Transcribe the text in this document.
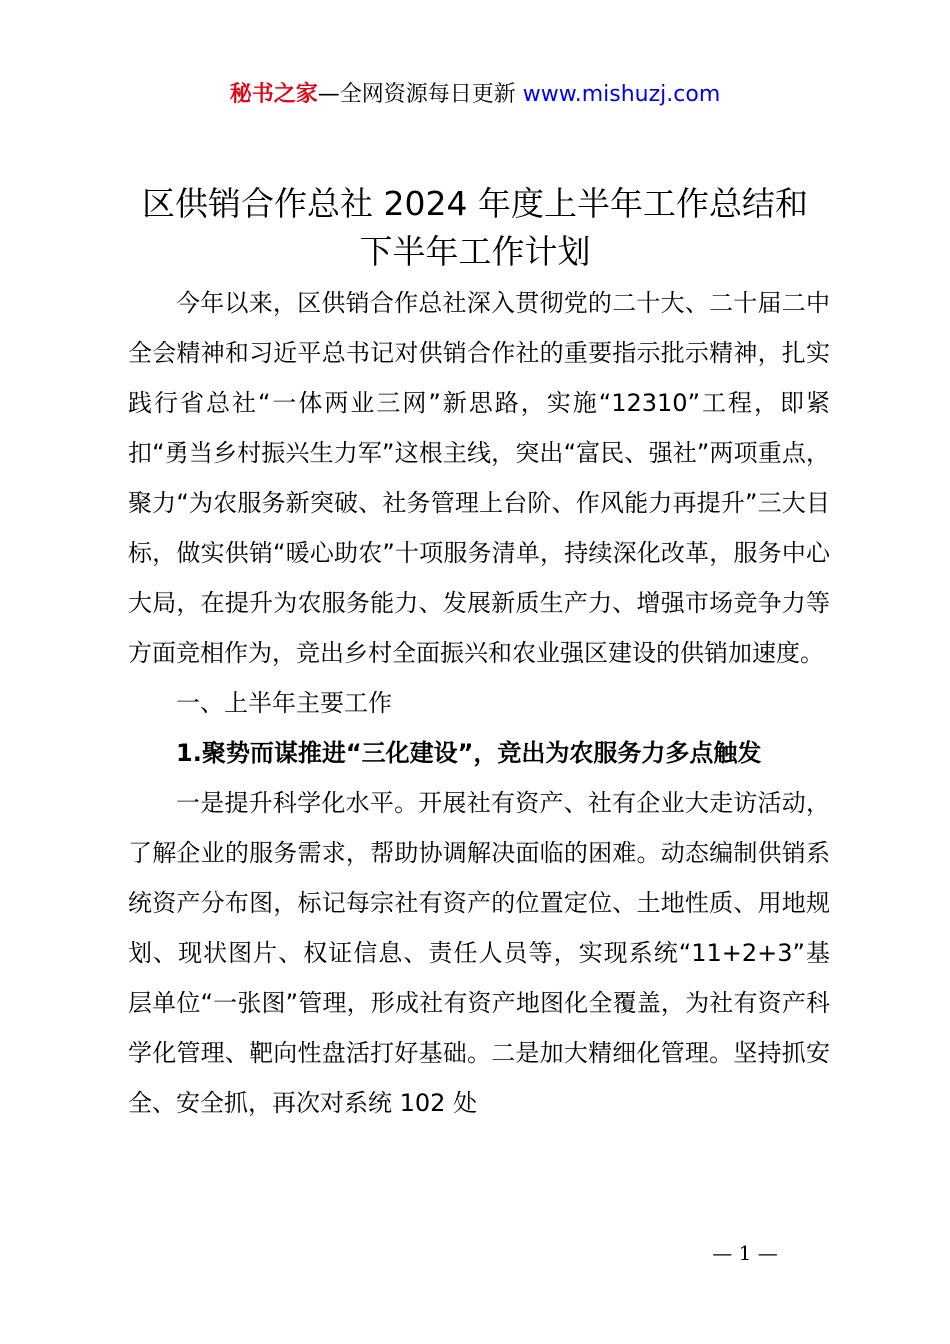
秘书之家—全网资源每日更新 www.mishuzj.com
区供销合作总社 2024 年度上半年工作总结和
下半年工作计划

今年以来，区供销合作总社深入贯彻党的二十大、二十届二中全会精神和习近平总书记对供销合作社的重要指示批示精神，扎实践行省总社“一体两业三网”新思路，实施“12310”工程，即紧扣“勇当乡村振兴生力军”这根主线，突出“富民、强社”两项重点，聚力“为农服务新突破、社务管理上台阶、作风能力再提升”三大目标，做实供销“暖心助农”十项服务清单，持续深化改革，服务中心大局，在提升为农服务能力、发展新质生产力、增强市场竞争力等方面竞相作为，竞出乡村全面振兴和农业强区建设的供销加速度。

一、上半年主要工作

1.聚势而谋推进“三化建设”，竞出为农服务力多点触发

一是提升科学化水平。开展社有资产、社有企业大走访活动，了解企业的服务需求，帮助协调解决面临的困难。动态编制供销系统资产分布图，标记每宗社有资产的位置定位、土地性质、用地规划、现状图片、权证信息、责任人员等，实现系统“11+2+3”基层单位“一张图”管理，形成社有资产地图化全覆盖，为社有资产科学化管理、靶向性盘活打好基础。二是加大精细化管理。坚持抓安全、安全抓，再次对系统 102 处

— 1 —
